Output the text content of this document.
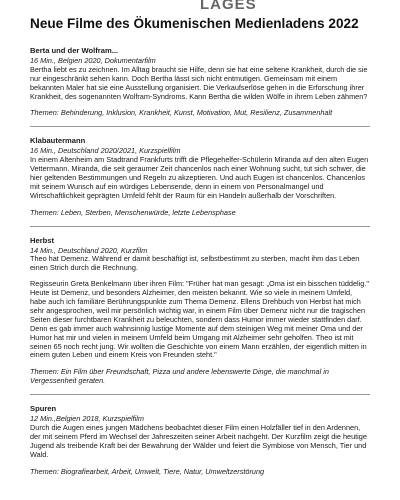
LAGES
Neue Filme des Ökumenischen Medienladens 2022
Berta und der Wolfram...
16 Min., Belgien 2020, Dokumentarfilm

Bertha liebt es zu zeichnen. Im Alltag braucht sie Hilfe, denn sie hat eine seltene Krankheit, durch die sie nur eingeschränkt sehen kann. Doch Bertha lässt sich nicht entmutigen. Gemeinsam mit einem bekannten Maler hat sie eine Ausstellung organisiert. Die Verkaufserlöse gehen in die Erforschung ihrer Krankheit, des sogenannten Wolfram-Syndroms. Kann Bertha die wilden Wölfe in ihrem Leben zähmen?

Themen: Behinderung, Inklusion, Krankheit, Kunst, Motivation, Mut, Resilienz, Zusammenhalt
Klabautermann
16 Min., Deutschland 2020/2021, Kurzspielfilm

In einem Altenheim am Stadtrand Frankfurts trifft die Pflegehelfer-Schülerin Miranda auf den alten Eugen Vettermann. Miranda, die seit geraumer Zeit chancenlos nach einer Wohnung sucht, tut sich schwer, die hier geltenden Bestimmungen und Regeln zu akzeptieren. Und auch Eugen ist chancenlos. Chancenlos mit seinem Wunsch auf ein würdiges Lebensende, denn in einem von Personalmangel und Wirtschaftlichkeit geprägten Umfeld fehlt der Raum für ein Handeln außerhalb der Vorschriften.

Themen: Leben, Sterben, Menschenwürde, letzte Lebensphase
Herbst
14 Min., Deutschland 2020, Kurzfilm

Theo hat Demenz. Während er damit beschäftigt ist, selbstbestimmt zu sterben, macht ihm das Leben einen Strich durch die Rechnung.

Regisseurin Greta Benkelmann über ihren Film: "Früher hat man gesagt: „Oma ist ein bisschen tüddelig." Heute ist Demenz, und besonders Alzheimer, den meisten bekannt. Wie so viele in meinem Umfeld, habe auch ich familiäre Berührungspunkte zum Thema Demenz. Ellens Drehbuch von Herbst hat mich sehr angesprochen, weil mir persönlich wichtig war, in einem Film über Demenz nicht nur die tragischen Seiten dieser furchtbaren Krankheit zu beleuchten, sondern dass Humor immer wieder stattfinden darf. Denn es gab immer auch wahnsinnig lustige Momente auf dem steinigen Weg mit meiner Oma und der Humor hat mir und vielen in meinem Umfeld beim Umgang mit Alzheimer sehr geholfen. Theo ist mit seinen 65 noch recht jung. Wir wollten die Geschichte von einem Mann erzählen, der eigentlich mitten in einem guten Leben und einem Kreis von Freunden steht."

Themen: Ein Film über Freundschaft, Pizza und andere lebenswerte Dinge, die manchmal in Vergessenheit geraten.
Spuren
12 Min.,Belgien 2018, Kurzspielfilm

Durch die Augen eines jungen Mädchens beobachtet dieser Film einen Holzfäller tief in den Ardennen, der mit seinem Pferd im Wechsel der Jahreszeiten seiner Arbeit nachgeht. Der Kurzfilm zeigt die heutige Jugend als treibende Kraft bei der Bewahrung der Wälder und feiert die Symbiose von Mensch, Tier und Wald.

Themen: Biografiearbeit, Arbeit, Umwelt, Tiere, Natur, Umweltzerstörung
